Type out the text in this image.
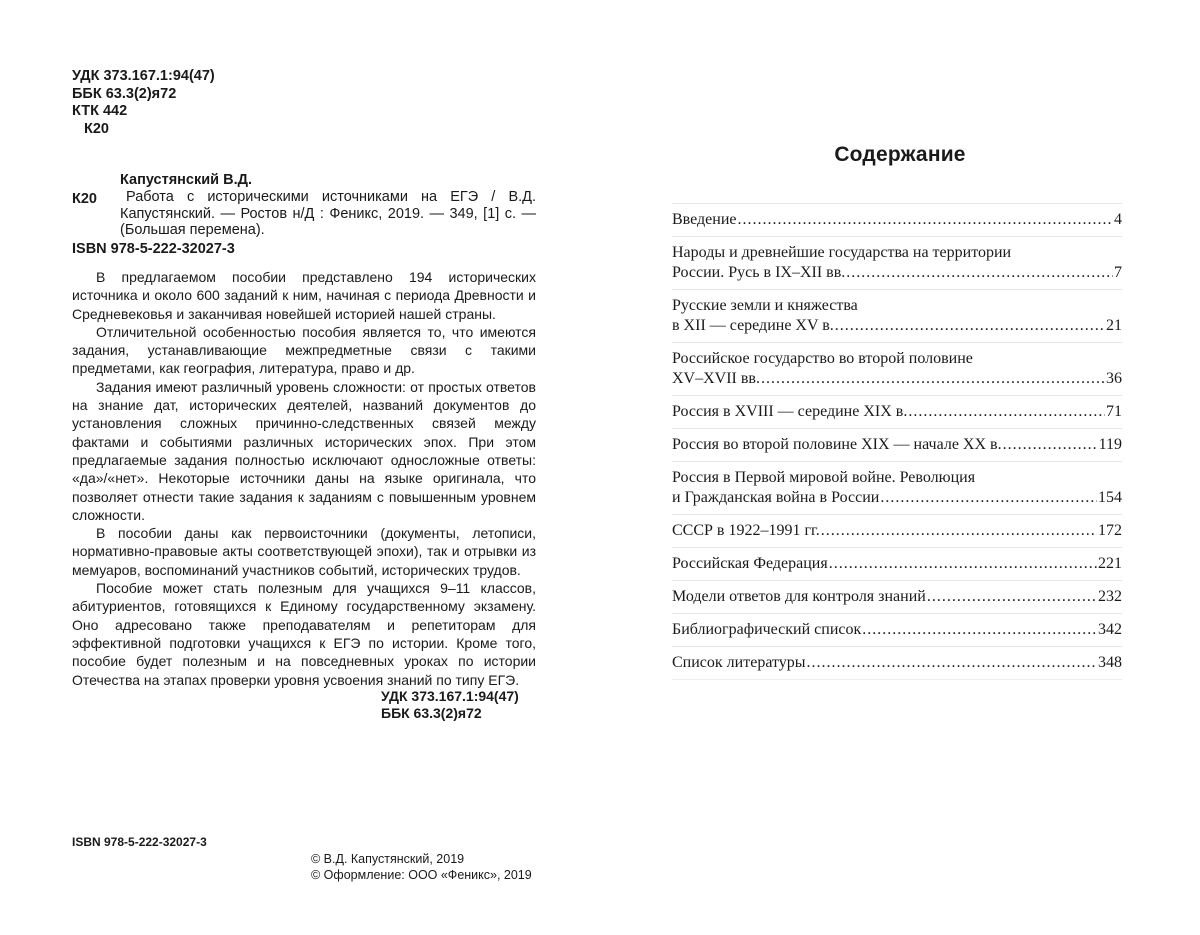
УДК 373.167.1:94(47)
ББК 63.3(2)я72
КТК 442
К20
Капустянский В.Д.
К20	Работа с историческими источниками на ЕГЭ / В.Д. Капустянский. — Ростов н/Д : Феникс, 2019. — 349, [1] с. — (Большая перемена).
ISBN 978-5-222-32027-3

В предлагаемом пособии представлено 194 исторических источника и около 600 заданий к ним, начиная с периода Древности и Средневековья и заканчивая новейшей историей нашей страны.

Отличительной особенностью пособия является то, что имеются задания, устанавливающие межпредметные связи с такими предметами, как география, литература, право и др.

Задания имеют различный уровень сложности: от простых ответов на знание дат, исторических деятелей, названий документов до установления сложных причинно-следственных связей между фактами и событиями различных исторических эпох. При этом предлагаемые задания полностью исключают односложные ответы: «да»/«нет». Некоторые источники даны на языке оригинала, что позволяет отнести такие задания к заданиям с повышенным уровнем сложности.

В пособии даны как первоисточники (документы, летописи, нормативно-правовые акты соответствующей эпохи), так и отрывки из мемуаров, воспоминаний участников событий, исторических трудов.

Пособие может стать полезным для учащихся 9–11 классов, абитуриентов, готовящихся к Единому государственному экзамену. Оно адресовано также преподавателям и репетиторам для эффективной подготовки учащихся к ЕГЭ по истории. Кроме того, пособие будет полезным и на повседневных уроках по истории Отечества на этапах проверки уровня усвоения знаний по типу ЕГЭ.

УДК 373.167.1:94(47)
ББК 63.3(2)я72
ISBN 978-5-222-32027-3
© В.Д. Капустянский, 2019
© Оформление: ООО «Феникс», 2019
Содержание
Введение .....	4
Народы и древнейшие государства на территории
России. Русь в IX–XII вв. .....	7
Русские земли и княжества
в XII — середине XV в. .....	21
Российское государство во второй половине
XV–XVII вв. .....	36
Россия в XVIII — середине XIX в. .....	71
Россия во второй половине XIX — начале XX в. .....	119
Россия в Первой мировой войне. Революция
и Гражданская война в России .....	154
СССР в 1922–1991 гг. .....	172
Российская Федерация .....	221
Модели ответов для контроля знаний .....	232
Библиографический список .....	342
Список литературы .....	348
